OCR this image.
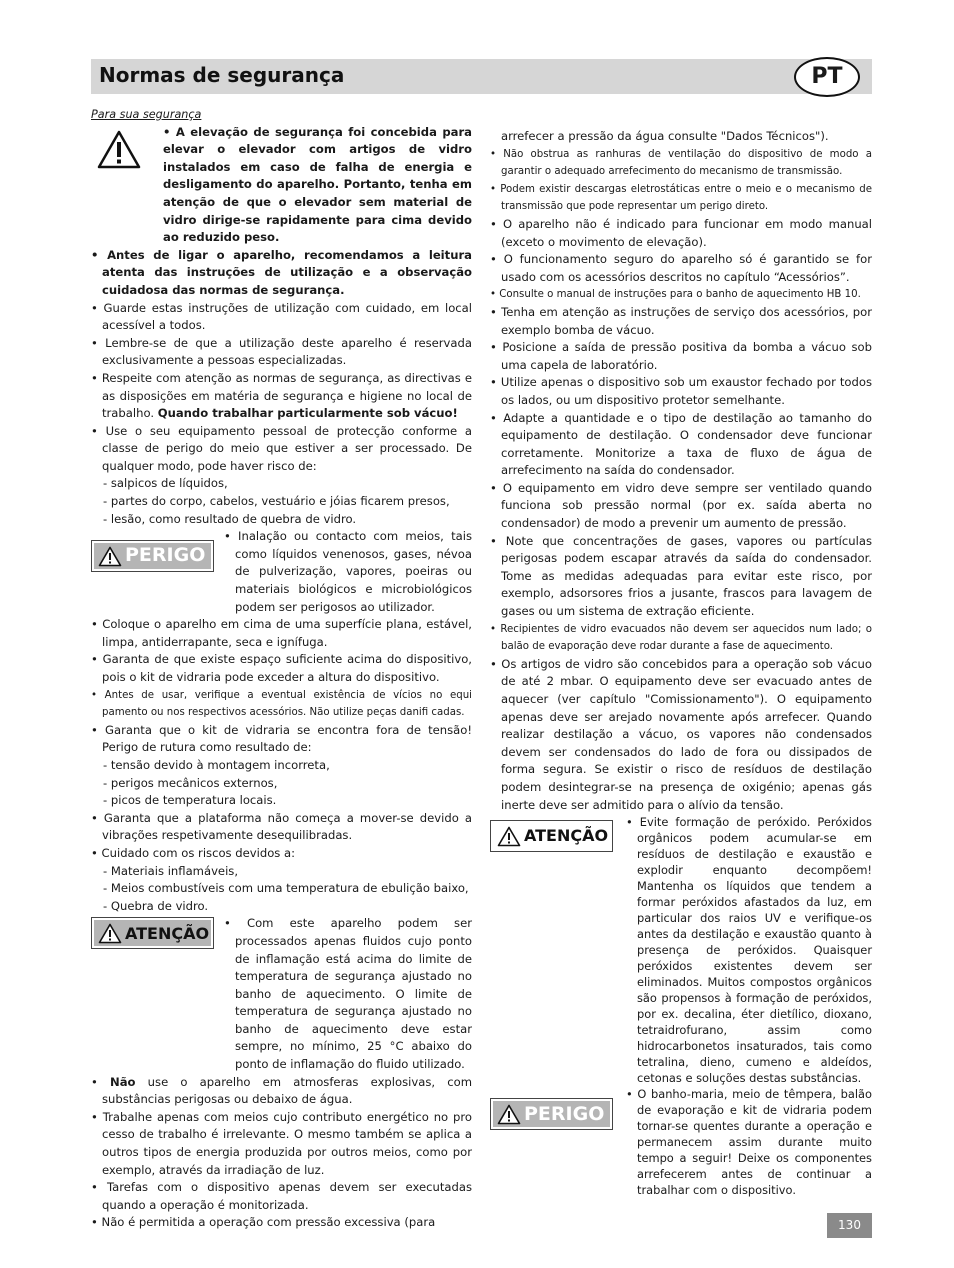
Normas de segurança	PT

Para sua segurança

• A elevação de segurança foi concebida para elevar o elevador com artigos de vidro instalados em caso de falha de energia e desligamento do aparelho. Portanto, tenha em atenção de que o elevador sem material de vidro dirige-se rapidamente para cima devido ao reduzido peso.

• Antes de ligar o aparelho, recomendamos a leitura atenta das instruções de utilização e a observação cuidadosa das normas de segurança.

• Guarde estas instruções de utilização com cuidado, em local acessível a todos.

• Lembre-se de que a utilização deste aparelho é reservada exclusivamente a pessoas especializadas.

• Respeite com atenção as normas de segurança, as directivas e as disposições em matéria de segurança e higiene no local de trabalho. Quando trabalhar particularmente sob vácuo!

• Use o seu equipamento pessoal de protecção conforme a classe de perigo do meio que estiver a ser processado. De qualquer modo, pode haver risco de:

- salpicos de líquidos,
- partes do corpo, cabelos, vestuário e jóias ficarem presos,
- lesão, como resultado de quebra de vidro.
PERIGO

• Inalação ou contacto com meios, tais como líquidos venenosos, gases, névoa de pulverização, vapores, poeiras ou materiais biológicos e microbiológicos podem ser perigosos ao utilizador.

• Coloque o aparelho em cima de uma superfície plana, estável, limpa, antiderrapante, seca e ignífuga.

• Garanta de que existe espaço suficiente acima do dispositivo, pois o kit de vidraria pode exceder a altura do dispositivo.

• Antes de usar, verifique a eventual existência de vícios no equi pamento ou nos respectivos acessórios. Não utilize peças danifi cadas.

• Garanta que o kit de vidraria se encontra fora de tensão! Perigo de rutura como resultado de:

- tensão devido à montagem incorreta,
- perigos mecânicos externos,
- picos de temperatura locais.

• Garanta que a plataforma não começa a mover-se devido a vibrações respetivamente desequilibradas.

• Cuidado com os riscos devidos a:

- Materiais inflamáveis,
- Meios combustíveis com uma temperatura de ebulição baixo,
- Quebra de vidro.
ATENÇÃO

• Com este aparelho podem ser processados apenas fluidos cujo ponto de inflamação está acima do limite de temperatura de segurança ajustado no banho de aquecimento. O limite de temperatura de segurança ajustado no banho de aquecimento deve estar sempre, no mínimo, 25 °C abaixo do ponto de inflamação do fluido utilizado.

• Não use o aparelho em atmosferas explosivas, com substâncias perigosas ou debaixo de água.

• Trabalhe apenas com meios cujo contributo energético no pro cesso de trabalho é irrelevante. O mesmo também se aplica a outros tipos de energia produzida por outros meios, como por exemplo, através da irradiação de luz.

• Tarefas com o dispositivo apenas devem ser executadas quando a operação é monitorizada.

• Não é permitida a operação com pressão excessiva (para

arrefecer a pressão da água consulte "Dados Técnicos").

• Não obstrua as ranhuras de ventilação do dispositivo de modo a garantir o adequado arrefecimento do mecanismo de transmissão.

• Podem existir descargas eletrostáticas entre o meio e o mecanismo de transmissão que pode representar um perigo direto.

• O aparelho não é indicado para funcionar em modo manual (exceto o movimento de elevação).

• O funcionamento seguro do aparelho só é garantido se for usado com os acessórios descritos no capítulo “Acessórios”.

• Consulte o manual de instruções para o banho de aquecimento HB 10.

• Tenha em atenção as instruções de serviço dos acessórios, por exemplo bomba de vácuo.

• Posicione a saída de pressão positiva da bomba a vácuo sob uma capela de laboratório.

• Utilize apenas o dispositivo sob um exaustor fechado por todos os lados, ou um dispositivo protetor semelhante.

• Adapte a quantidade e o tipo de destilação ao tamanho do equipamento de destilação. O condensador deve funcionar corretamente. Monitorize a taxa de fluxo de água de arrefecimento na saída do condensador.

• O equipamento em vidro deve sempre ser ventilado quando funciona sob pressão normal (por ex. saída aberta no condensador) de modo a prevenir um aumento de pressão.

• Note que concentrações de gases, vapores ou partículas perigosas podem escapar através da saída do condensador. Tome as medidas adequadas para evitar este risco, por exemplo, adsorsores frios a jusante, frascos para lavagem de gases ou um sistema de extração eficiente.

• Recipientes de vidro evacuados não devem ser aquecidos num lado; o balão de evaporação deve rodar durante a fase de aquecimento.

• Os artigos de vidro são concebidos para a operação sob vácuo de até 2 mbar. O equipamento deve ser evacuado antes de aquecer (ver capítulo "Comissionamento"). O equipamento apenas deve ser arejado novamente após arrefecer. Quando realizar destilação a vácuo, os vapores não condensados devem ser condensados do lado de fora ou dissipados de forma segura. Se existir o risco de resíduos de destilação podem desintegrar-se na presença de oxigénio; apenas gás inerte deve ser admitido para o alívio da tensão.

ATENÇÃO

• Evite formação de peróxido. Peróxidos orgânicos podem acumular-se em resíduos de destilação e exaustão e explodir enquanto decompõem! Mantenha os líquidos que tendem a formar peróxidos afastados da luz, em particular dos raios UV e verifique-os antes da destilação e exaustão quanto à presença de peróxidos. Quaisquer peróxidos existentes devem ser eliminados. Muitos compostos orgânicos são propensos à formação de peróxidos, por ex. decalina, éter dietílico, dioxano, tetraidrofurano, assim como hidrocarbonetos insaturados, tais como tetralina, dieno, cumeno e aldeídos, cetonas e soluções destas substâncias.

PERIGO

• O banho-maria, meio de têmpera, balão de evaporação e kit de vidraria podem tornar-se quentes durante a operação e permanecem assim durante muito tempo a seguir! Deixe os componentes arrefecerem antes de continuar a trabalhar com o dispositivo.

130
